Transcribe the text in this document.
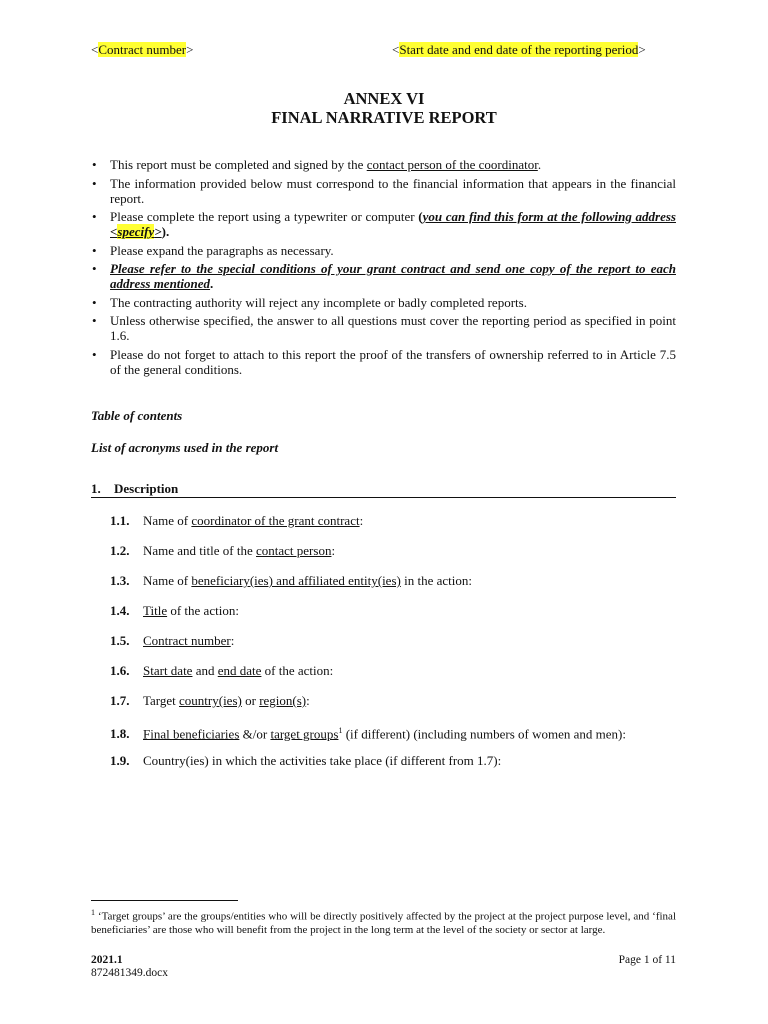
<Contract number>	<Start date and end date of the reporting period>
ANNEX VI
FINAL NARRATIVE REPORT
• This report must be completed and signed by the contact person of the coordinator.
• The information provided below must correspond to the financial information that appears in the financial report.
• Please complete the report using a typewriter or computer (you can find this form at the following address <specify>).
• Please expand the paragraphs as necessary.
• Please refer to the special conditions of your grant contract and send one copy of the report to each address mentioned.
• The contracting authority will reject any incomplete or badly completed reports.
• Unless otherwise specified, the answer to all questions must cover the reporting period as specified in point 1.6.
• Please do not forget to attach to this report the proof of the transfers of ownership referred to in Article 7.5 of the general conditions.
Table of contents
List of acronyms used in the report
1. Description
1.1. Name of coordinator of the grant contract:
1.2. Name and title of the contact person:
1.3. Name of beneficiary(ies) and affiliated entity(ies) in the action:
1.4. Title of the action:
1.5. Contract number:
1.6. Start date and end date of the action:
1.7. Target country(ies) or region(s):
1.8. Final beneficiaries &/or target groups$^1$ (if different) (including numbers of women and men):
1.9. Country(ies) in which the activities take place (if different from 1.7):
$^1$ ‘Target groups’ are the groups/entities who will be directly positively affected by the project at the project purpose level, and ‘final beneficiaries’ are those who will benefit from the project in the long term at the level of the society or sector at large.
2021.1
872481349.docx
Page 1 of 11
